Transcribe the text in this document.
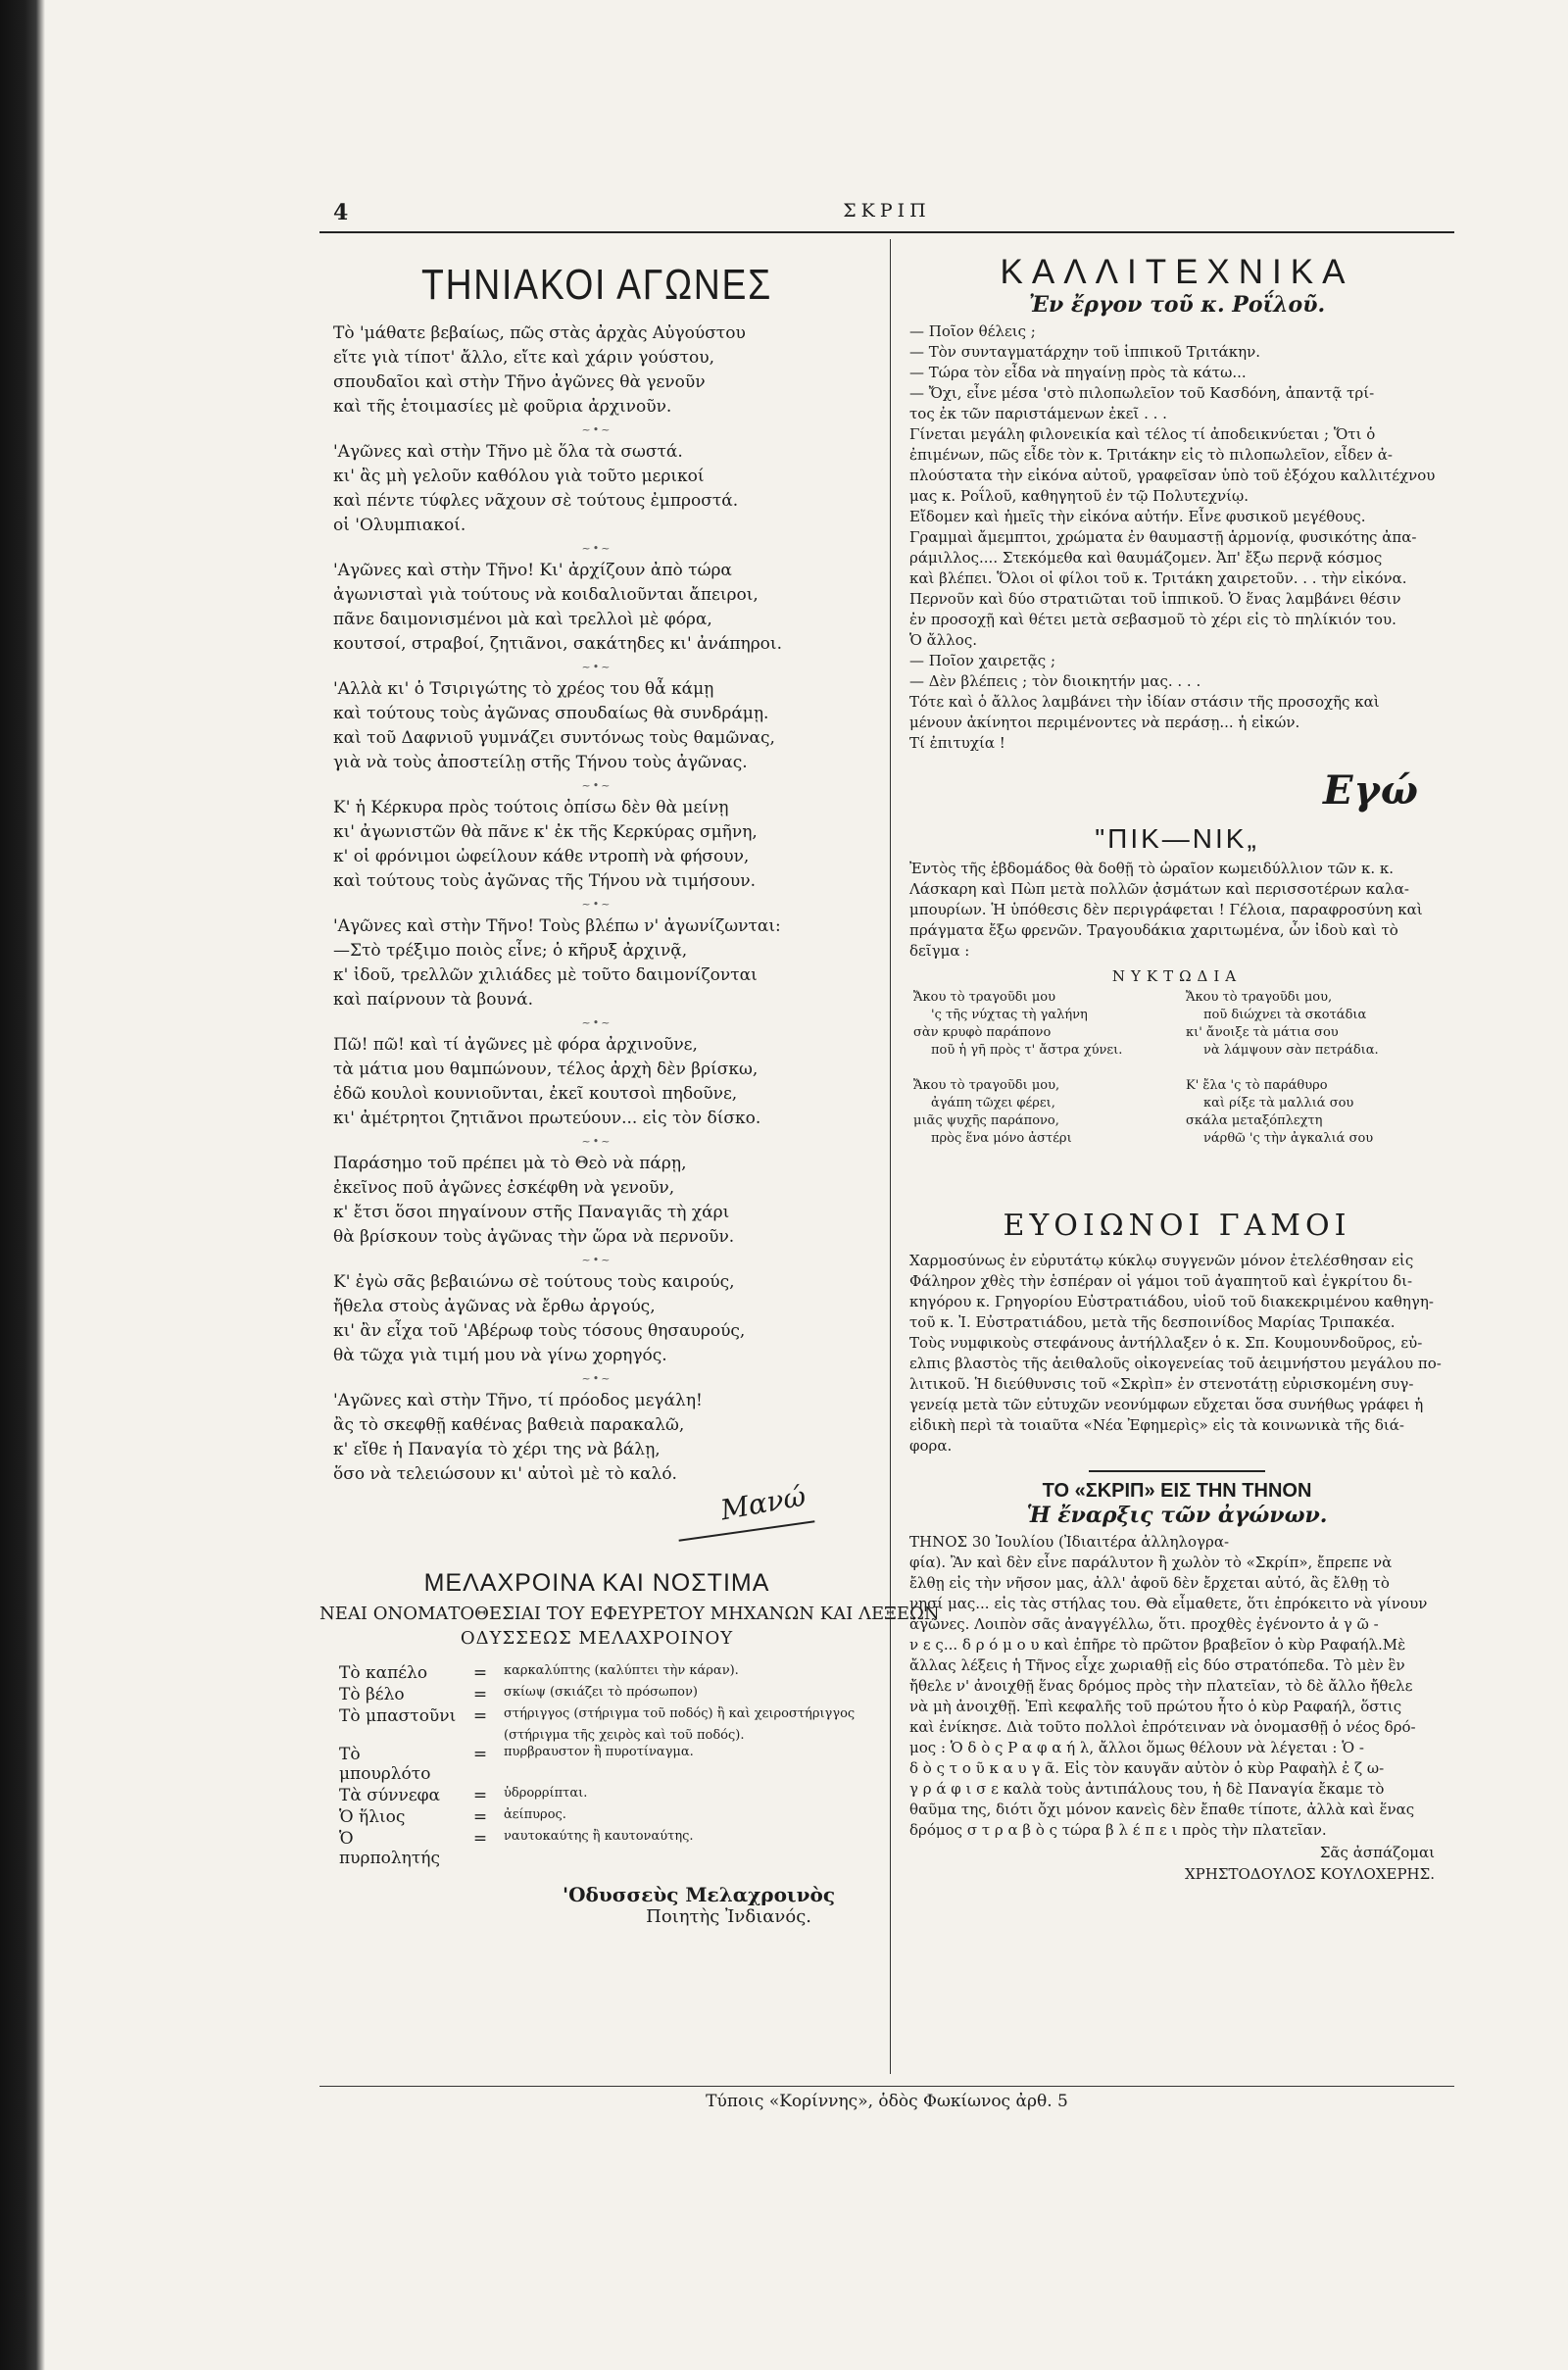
4	ΣΚΡΙΠ
ΤΗΝΙΑΚΟΙ ΑΓΩΝΕΣ
Τὸ 'μάθατε βεβαίως, πῶς στὰς ἀρχὰς Αὐγούστου
εἴτε γιὰ τίποτ' ἄλλο, εἴτε καὶ χάριν γούστου,
σπουδαῖοι καὶ στὴν Τῆνο ἀγῶνες θὰ γενοῦν
καὶ τῆς ἑτοιμασίες μὲ φοῦρια ἀρχινοῦν.
~•~
'Αγῶνες καὶ στὴν Τῆνο μὲ ὅλα τὰ σωστά.
κι' ἂς μὴ γελοῦν καθόλου γιὰ τοῦτο μερικοί
καὶ πέντε τύφλες νᾶχουν σὲ τούτους ἐμπροστά.
οἱ 'Ολυμπιακοί.
~•~
'Αγῶνες καὶ στὴν Τῆνο! Κι' ἀρχίζουν ἀπὸ τώρα
ἀγωνισταὶ γιὰ τούτους νὰ κοιδαλιοῦνται ἄπειροι,
πᾶνε δαιμονισμένοι μὰ καὶ τρελλοὶ μὲ φόρα,
κουτσοί, στραβοί, ζητιᾶνοι, σακάτηδες κι' ἀνάπηροι.
~•~
'Αλλὰ κι' ὁ Τσιριγώτης τὸ χρέος του θἆ κάμῃ
καὶ τούτους τοὺς ἀγῶνας σπουδαίως θὰ συνδράμῃ.
καὶ τοῦ Δαφνιοῦ γυμνάζει συντόνως τοὺς θαμῶνας,
γιὰ νὰ τοὺς ἀποστείλῃ στῆς Τήνου τοὺς ἀγῶνας.
~•~
Κ' ἡ Κέρκυρα πρὸς τούτοις ὀπίσω δὲν θὰ μείνῃ
κι' ἀγωνιστῶν θὰ πᾶνε κ' ἐκ τῆς Κερκύρας σμῆνη,
κ' οἱ φρόνιμοι ὠφείλουν κάθε ντροπὴ νὰ φήσουν,
καὶ τούτους τοὺς ἀγῶνας τῆς Τήνου νὰ τιμήσουν.
~•~
'Αγῶνες καὶ στὴν Τῆνο! Τοὺς βλέπω ν' ἀγωνίζωνται:
—Στὸ τρέξιμο ποιὸς εἶνε; ὁ κῆρυξ ἀρχινᾷ,
κ' ἰδοῦ, τρελλῶν χιλιάδες μὲ τοῦτο δαιμονίζονται
καὶ παίρνουν τὰ βουνά.
~•~
Πῶ! πῶ! καὶ τί ἀγῶνες μὲ φόρα ἀρχινοῦνε,
τὰ μάτια μου θαμπώνουν, τέλος ἀρχὴ δὲν βρίσκω,
ἐδῶ κουλοὶ κουνιοῦνται, ἐκεῖ κουτσοὶ πηδοῦνε,
κι' ἀμέτρητοι ζητιᾶνοι πρωτεύουν... εἰς τὸν δίσκο.
~•~
Παράσημο τοῦ πρέπει μὰ τὸ Θεὸ νὰ πάρῃ,
ἐκεῖνος ποῦ ἀγῶνες ἐσκέφθη νὰ γενοῦν,
κ' ἔτσι ὅσοι πηγαίνουν στῆς Παναγιᾶς τὴ χάρι
θὰ βρίσκουν τοὺς ἀγῶνας τὴν ὥρα νὰ περνοῦν.
~•~
Κ' ἐγὼ σᾶς βεβαιώνω σὲ τούτους τοὺς καιρούς,
ἤθελα στοὺς ἀγῶνας νὰ ἔρθω ἀργούς,
κι' ἂν εἶχα τοῦ 'Αβέρωφ τοὺς τόσους θησαυρούς,
θὰ τῶχα γιὰ τιμή μου νὰ γίνω χορηγός.
~•~
'Αγῶνες καὶ στὴν Τῆνο, τί πρόοδος μεγάλη!
ἂς τὸ σκεφθῇ καθένας βαθειὰ παρακαλῶ,
κ' εἴθε ἡ Παναγία τὸ χέρι της νὰ βάλῃ,
ὅσο νὰ τελειώσουν κι' αὐτοὶ μὲ τὸ καλό.
Μανώ
ΜΕΛΑΧΡΟΙΝΑ ΚΑΙ ΝΟΣΤΙΜΑ
ΝΕΑΙ ΟΝΟΜΑΤΟΘΕΣΙΑΙ ΤΟΥ ΕΦΕΥΡΕΤΟΥ ΜΗΧΑΝΩΝ ΚΑΙ ΛΕΞΕΩΝ
ΟΔΥΣΣΕΩΣ ΜΕΛΑΧΡΟΙΝΟΥ
Τὸ καπέλο	=	καρκαλύπτης (καλύπτει τὴν κάραν).
Τὸ βέλο	=	σκίωψ (σκιάζει τὸ πρόσωπον)
Τὸ μπαστοῦνι	=	στήριγγος (στήριγμα τοῦ ποδός) ἢ καὶ χειροστήριγγος
		(στήριγμα τῆς χειρὸς καὶ τοῦ ποδός).
Τὸ μπουρλότο	=	πυρβραυστον ἢ πυροτίναγμα.
Τὰ σύννεφα	=	ὑδρορρίπται.
Ὁ ἥλιος	=	ἀείπυρος.
Ὁ πυρπολητής	=	ναυτοκαύτης ἢ καυτοναύτης.
'Οδυσσεὺς Μελαχροινὸς
Ποιητὴς Ἰνδιανός.
ΚΑΛΛΙΤΕΧΝΙΚΑ
Ἐν ἔργον τοῦ κ. Ροΐλοῦ.
— Ποῖον θέλεις ;
— Τὸν συνταγματάρχην τοῦ ἱππικοῦ Τριτάκην.
— Τώρα τὸν εἶδα νὰ πηγαίνῃ πρὸς τὰ κάτω...
— Ὄχι, εἶνε μέσα 'στὸ πιλοπωλεῖον τοῦ Κασδόνη, ἀπαντᾷ τρί-
τος ἐκ τῶν παριστάμενων ἐκεῖ . . .
Γίνεται μεγάλη φιλονεικία καὶ τέλος τί ἀποδεικνύεται ; Ὅτι ὁ
ἐπιμένων, πῶς εἶδε τὸν κ. Τριτάκην εἰς τὸ πιλοπωλεῖον, εἶδεν ἀ-
πλούστατα τὴν εἰκόνα αὐτοῦ, γραφεῖσαν ὑπὸ τοῦ ἐξόχου καλλιτέχνου
μας κ. Ροΐλοῦ, καθηγητοῦ ἐν τῷ Πολυτεχνίῳ.
Εἴδομεν καὶ ἡμεῖς τὴν εἰκόνα αὐτήν. Εἶνε φυσικοῦ μεγέθους.
Γραμμαὶ ἄμεμπτοι, χρώματα ἐν θαυμαστῇ ἁρμονίᾳ, φυσικότης ἀπα-
ράμιλλος.... Στεκόμεθα καὶ θαυμάζομεν. Ἀπ' ἔξω περνᾷ κόσμος
καὶ βλέπει. Ὅλοι οἱ φίλοι τοῦ κ. Τριτάκη χαιρετοῦν. . . τὴν εἰκόνα.
Περνοῦν καὶ δύο στρατιῶται τοῦ ἱππικοῦ. Ὁ ἕνας λαμβάνει θέσιν
ἐν προσοχῇ καὶ θέτει μετὰ σεβασμοῦ τὸ χέρι εἰς τὸ πηλίκιόν του.
Ὁ ἄλλος.
— Ποῖον χαιρετᾷς ;
— Δὲν βλέπεις ; τὸν διοικητήν μας. . . .
Τότε καὶ ὁ ἄλλος λαμβάνει τὴν ἰδίαν στάσιν τῆς προσοχῆς καὶ
μένουν ἀκίνητοι περιμένοντες νὰ περάσῃ... ἡ εἰκών.
Τί ἐπιτυχία !
Εγώ
"ΠΙΚ—ΝΙΚ„
Ἐντὸς τῆς ἑβδομάδος θὰ δοθῇ τὸ ὡραῖον κωμειδύλλιον τῶν κ. κ.
Λάσκαρη καὶ Πὼπ μετὰ πολλῶν ᾀσμάτων καὶ περισσοτέρων καλα-
μπουρίων. Ἡ ὑπόθεσις δὲν περιγράφεται ! Γέλοια, παραφροσύνη καὶ
πράγματα ἔξω φρενῶν. Τραγουδάκια χαριτωμένα, ὧν ἰδοὺ καὶ τὸ
δεῖγμα :
ΝΥΚΤΩΔΙΑ
Ἄκου τὸ τραγοῦδι μου
'ς τῆς νύχτας τὴ γαλήνη
σὰν κρυφὸ παράπονο
ποῦ ἡ γῆ πρὸς τ' ἄστρα χύνει.

Ἄκου τὸ τραγοῦδι μου,
ἀγάπη τῶχει φέρει,
μιᾶς ψυχῆς παράπονο,
πρὸς ἕνα μόνο ἀστέρι
Ἄκου τὸ τραγοῦδι μου,
ποῦ διώχνει τὰ σκοτάδια
κι' ἄνοιξε τὰ μάτια σου
νὰ λάμψουν σὰν πετράδια.

Κ' ἔλα 'ς τὸ παράθυρο
καὶ ρίξε τὰ μαλλιά σου
σκάλα μεταξόπλεχτη
νάρθῶ 'ς τὴν ἀγκαλιά σου
ΕΥΟΙΩΝΟΙ ΓΑΜΟΙ
Χαρμοσύνως ἐν εὐρυτάτῳ κύκλῳ συγγενῶν μόνον ἐτελέσθησαν εἰς
Φάληρον χθὲς τὴν ἑσπέραν οἱ γάμοι τοῦ ἀγαπητοῦ καὶ ἐγκρίτου δι-
κηγόρου κ. Γρηγορίου Εὐστρατιάδου, υἱοῦ τοῦ διακεκριμένου καθηγη-
τοῦ κ. Ἰ. Εὐστρατιάδου, μετὰ τῆς δεσποινίδος Μαρίας Τριπακέα.
Τοὺς νυμφικοὺς στεφάνους ἀντήλλαξεν ὁ κ. Σπ. Κουμουνδοῦρος, εὐ-
ελπις βλαστὸς τῆς ἀειθαλοῦς οἰκογενείας τοῦ ἀειμνήστου μεγάλου πο-
λιτικοῦ. Ἡ διεύθυνσις τοῦ «Σκρὶπ» ἐν στενοτάτῃ εὐρισκομένη συγ-
γενείᾳ μετὰ τῶν εὐτυχῶν νεονύμφων εὔχεται ὅσα συνήθως γράφει ἡ
εἰδικὴ περὶ τὰ τοιαῦτα «Νέα Ἐφημερὶς» εἰς τὰ κοινωνικὰ τῆς διά-
φορα.
ΤΟ «ΣΚΡΙΠ» ΕΙΣ ΤΗΝ ΤΗΝΟΝ
Ἡ ἔναρξις τῶν ἀγώνων.
ΤΗΝΟΣ 30 Ἰουλίου (Ἰδιαιτέρα ἀλληλογρα-
φία). Ἂν καὶ δὲν εἶνε παράλυτον ἢ χωλὸν τὸ «Σκρίπ», ἔπρεπε νὰ
ἔλθῃ εἰς τὴν νῆσον μας, ἀλλ' ἀφοῦ δὲν ἔρχεται αὐτό, ἂς ἔλθῃ τὸ
νησί μας... εἰς τὰς στήλας του. Θὰ εἶμαθετε, ὅτι ἐπρόκειτο νὰ γίνουν
ἀγῶνες. Λοιπὸν σᾶς ἀναγγέλλω, ὅτι. προχθὲς ἐγένοντο ἀ γ ῶ -
ν ε ς... δ ρ ό μ ο υ καὶ ἐπῆρε τὸ πρῶτον βραβεῖον ὁ κὺρ Ραφαήλ.Μὲ
ἄλλας λέξεις ἡ Τῆνος εἶχε χωριαθῇ εἰς δύο στρατόπεδα. Τὸ μὲν ἓν
ἤθελε ν' ἀνοιχθῇ ἕνας δρόμος πρὸς τὴν πλατεῖαν, τὸ δὲ ἄλλο ἤθελε
νὰ μὴ ἀνοιχθῇ. Ἐπὶ κεφαλῆς τοῦ πρώτου ἦτο ὁ κὺρ Ραφαήλ, ὅστις
καὶ ἐνίκησε. Διὰ τοῦτο πολλοὶ ἐπρότειναν νὰ ὀνομασθῇ ὁ νέος δρό-
μος : Ὁ δ ὸ ς Ρ α φ α ή λ, ἄλλοι ὅμως θέλουν νὰ λέγεται : Ὁ -
δ ὸ ς τ ο ῦ κ α υ γ ᾶ. Εἰς τὸν καυγᾶν αὐτὸν ὁ κὺρ Ραφαὴλ ἐ ζ ω-
γ ρ ά φ ι σ ε καλὰ τοὺς ἀντιπάλους του, ἡ δὲ Παναγία ἔκαμε τὸ
θαῦμα της, διότι ὄχι μόνον κανεὶς δὲν ἔπαθε τίποτε, ἀλλὰ καὶ ἕνας
δρόμος σ τ ρ α β ὸ ς τώρα β λ έ π ε ι πρὸς τὴν πλατεῖαν.
Σᾶς ἀσπάζομαι
ΧΡΗΣΤΟΔΟΥΛΟΣ ΚΟΥΛΟΧΕΡΗΣ.
Τύποις «Κορίννης», ὁδὸς Φωκίωνος ἀρθ. 5
